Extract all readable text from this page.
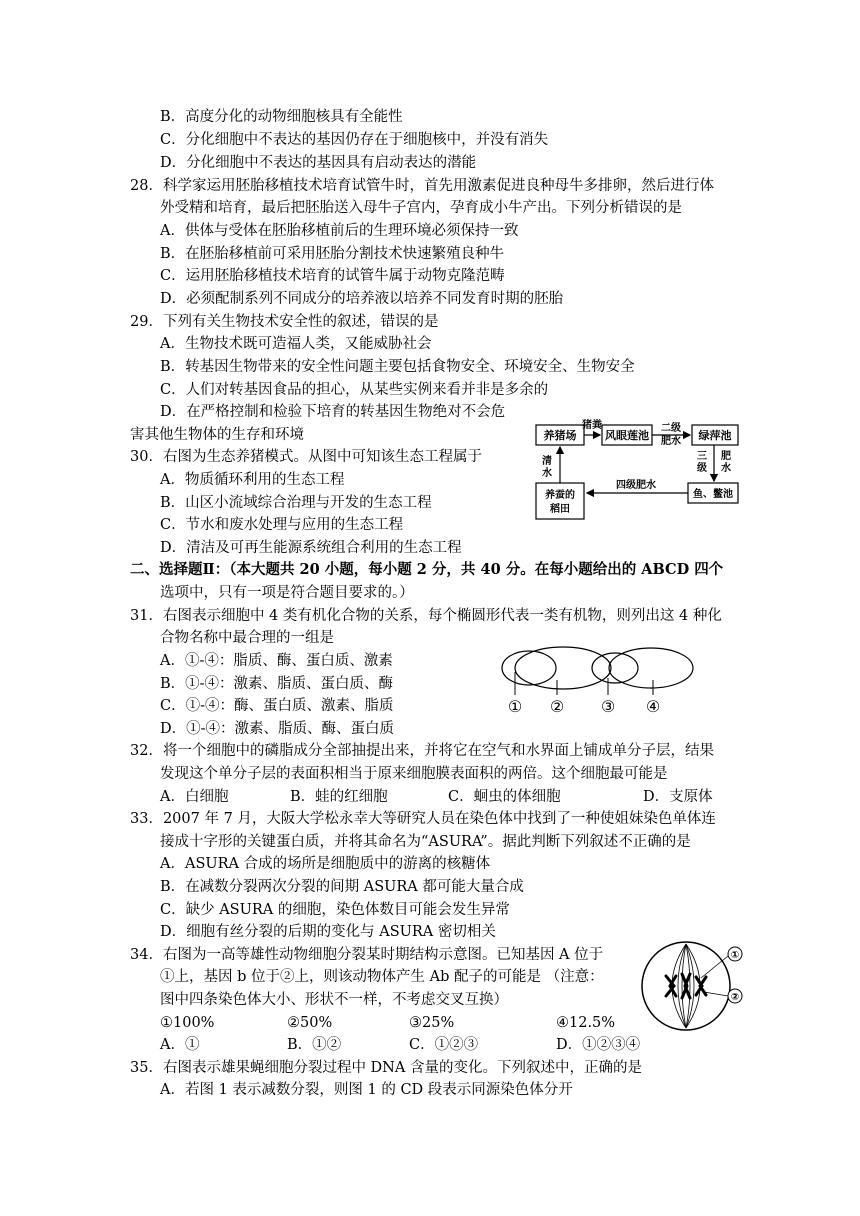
B．高度分化的动物细胞核具有全能性
C．分化细胞中不表达的基因仍存在于细胞核中，并没有消失
D．分化细胞中不表达的基因具有启动表达的潜能
28．科学家运用胚胎移植技术培育试管牛时，首先用激素促进良种母牛多排卵，然后进行体
外受精和培育，最后把胚胎送入母牛子宫内，孕育成小牛产出。下列分析错误的是
A．供体与受体在胚胎移植前后的生理环境必须保持一致
B．在胚胎移植前可采用胚胎分割技术快速繁殖良种牛
C．运用胚胎移植技术培育的试管牛属于动物克隆范畴
D．必须配制系列不同成分的培养液以培养不同发育时期的胚胎
29．下列有关生物技术安全性的叙述，错误的是
A．生物技术既可造福人类，又能威胁社会
B．转基因生物带来的安全性问题主要包括食物安全、环境安全、生物安全
C．人们对转基因食品的担心，从某些实例来看并非是多余的
D．在严格控制和检验下培育的转基因生物绝对不会危
害其他生物体的生存和环境
30．右图为生态养猪模式。从图中可知该生态工程属于
A．物质循环利用的生态工程
B．山区小流域综合治理与开发的生态工程
C．节水和废水处理与应用的生态工程
D．清洁及可再生能源系统组合利用的生态工程
二、选择题Ⅱ：（本大题共 20 小题，每小题 2 分，共 40 分。在每小题给出的 ABCD 四个
选项中，只有一项是符合题目要求的。）
31．右图表示细胞中 4 类有机化合物的关系，每个椭圆形代表一类有机物，则列出这 4 种化
合物名称中最合理的一组是
A．①-④：脂质、酶、蛋白质、激素
B．①-④：激素、脂质、蛋白质、酶
C．①-④：酶、蛋白质、激素、脂质
D．①-④：激素、脂质、酶、蛋白质
32．将一个细胞中的磷脂成分全部抽提出来，并将它在空气和水界面上铺成单分子层，结果
发现这个单分子层的表面积相当于原来细胞膜表面积的两倍。这个细胞最可能是
A．白细胞	B．蛙的红细胞	C．蛔虫的体细胞	D．支原体
33．2007 年 7 月，大阪大学松永幸大等研究人员在染色体中找到了一种使姐妹染色单体连
接成十字形的关键蛋白质，并将其命名为“ASURA”。据此判断下列叙述不正确的是
A．ASURA 合成的场所是细胞质中的游离的核糖体
B．在减数分裂两次分裂的间期 ASURA 都可能大量合成
C．缺少 ASURA 的细胞，染色体数目可能会发生异常
D．细胞有丝分裂的后期的变化与 ASURA 密切相关
34．右图为一高等雄性动物细胞分裂某时期结构示意图。已知基因 A 位于
①上，基因 b 位于②上，则该动物体产生 Ab 配子的可能是 （注意：
图中四条染色体大小、形状不一样，不考虑交叉互换）
①100%	②50%	③25%	④12.5%
A．①	B．①②	C．①②③	D．①②③④
35．右图表示雄果蝇细胞分裂过程中 DNA 含量的变化。下列叙述中，正确的是
A．若图 1 表示减数分裂，则图 1 的 CD 段表示同源染色体分开
养猪场
猪粪
风眼莲池
二级
肥水 绿萍池
清
水
三
级
肥
水
四级肥水
养蚕的
稻田
鱼、鳖池
① ② ③ ④
①
②
